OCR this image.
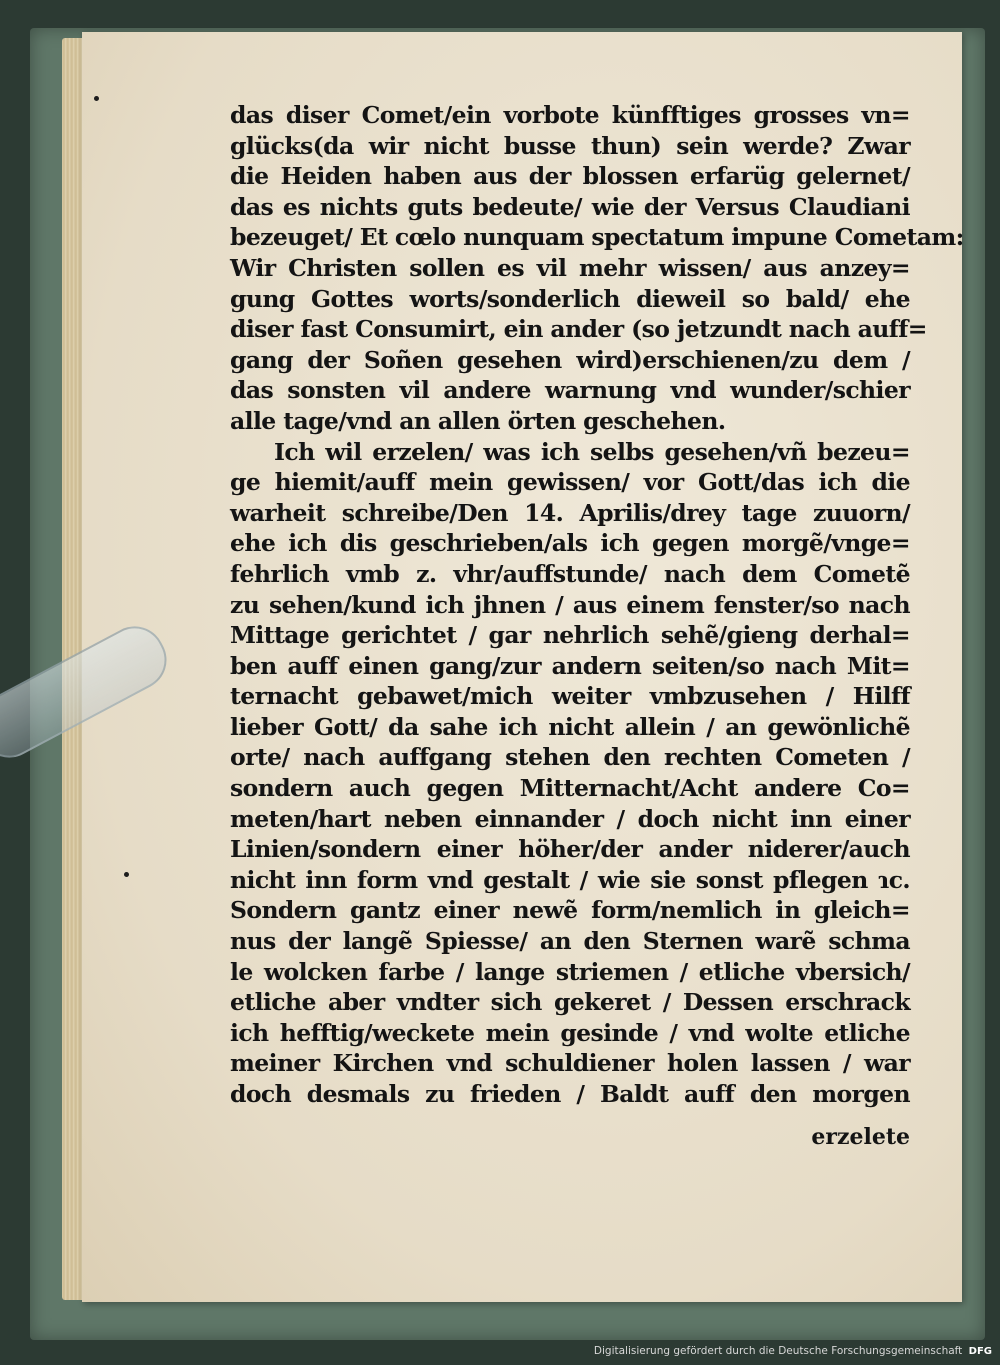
das diser Comet/ein vorbote künfftiges grosses vn=
glücks(da wir nicht busse thun) sein werde? Zwar
die Heiden haben aus der blossen erfarüg gelernet/
das es nichts guts bedeute/ wie der Versus Claudiani
bezeuget/ Et cœlo nunquam spectatum impune Cometam:
Wir Christen sollen es vil mehr wissen/ aus anzey=
gung Gottes worts/sonderlich dieweil so bald/ ehe
diser fast Consumirt, ein ander (so jetzundt nach auff=
gang der Soñen gesehen wird)erschienen/zu dem /
das sonsten vil andere warnung vnd wunder/schier
alle tage/vnd an allen örten geschehen.
Ich wil erzelen/ was ich selbs gesehen/vñ bezeu=
ge hiemit/auff mein gewissen/ vor Gott/das ich die
warheit schreibe/Den 14. Aprilis/drey tage zuuorn/
ehe ich dis geschrieben/als ich gegen morgẽ/vnge=
fehrlich vmb z. vhr/auffstunde/ nach dem Cometẽ
zu sehen/kund ich jhnen / aus einem fenster/so nach
Mittage gerichtet / gar nehrlich sehẽ/gieng derhal=
ben auff einen gang/zur andern seiten/so nach Mit=
ternacht gebawet/mich weiter vmbzusehen / Hilff
lieber Gott/ da sahe ich nicht allein / an gewönlichẽ
orte/ nach auffgang stehen den rechten Cometen /
sondern auch gegen Mitternacht/Acht andere Co=
meten/hart neben einnander / doch nicht inn einer
Linien/sondern einer höher/der ander niderer/auch
nicht inn form vnd gestalt / wie sie sonst pflegen ɿc.
Sondern gantz einer newẽ form/nemlich in gleich=
nus der langẽ Spiesse/ an den Sternen warẽ schma
le wolcken farbe / lange striemen / etliche vbersich/
etliche aber vndter sich gekeret / Dessen erschrack
ich hefftig/weckete mein gesinde / vnd wolte etliche
meiner Kirchen vnd schuldiener holen lassen / war
doch desmals zu frieden / Baldt auff den morgen
erzelete
Digitalisierung gefördert durch die Deutsche Forschungsgemeinschaft DFG
